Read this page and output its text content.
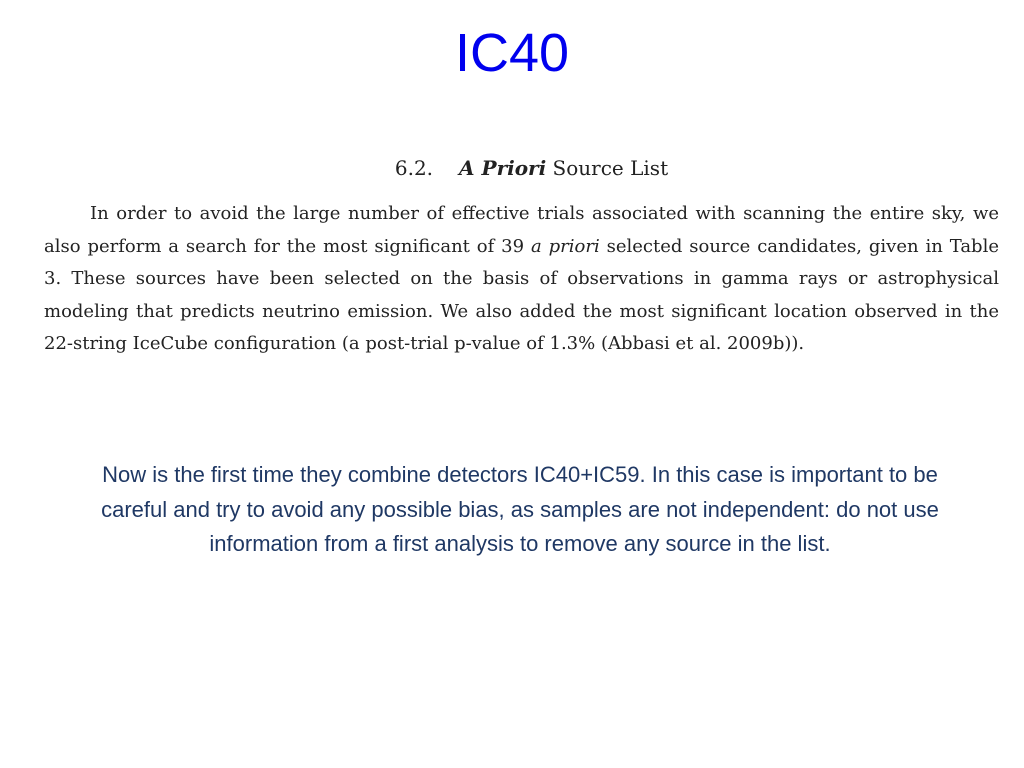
IC40
6.2. A Priori Source List

In order to avoid the large number of effective trials associated with scanning the entire sky, we also perform a search for the most significant of 39 a priori selected source candidates, given in Table 3. These sources have been selected on the basis of observations in gamma rays or astrophysical modeling that predicts neutrino emission. We also added the most significant location observed in the 22-string IceCube configuration (a post-trial p-value of 1.3% (Abbasi et al. 2009b)).

Now is the first time they combine detectors IC40+IC59. In this case is important to be careful and try to avoid any possible bias, as samples are not independent: do not use information from a first analysis to remove any source in the list.
